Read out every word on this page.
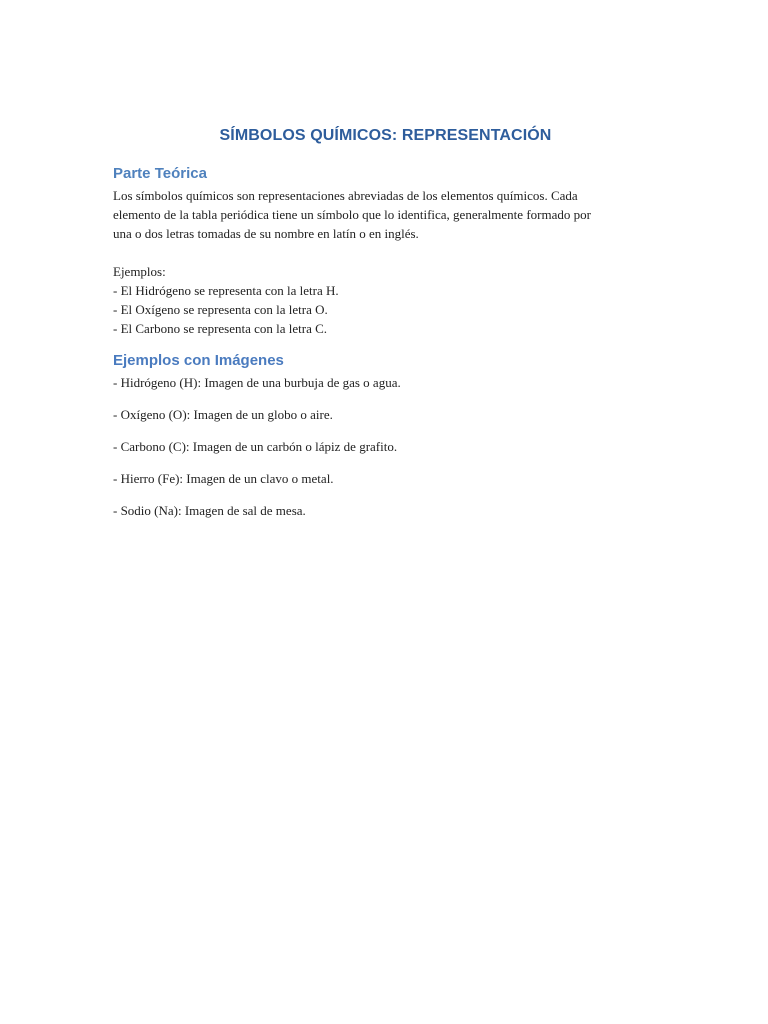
SÍMBOLOS QUÍMICOS: REPRESENTACIÓN
Parte Teórica

Los símbolos químicos son representaciones abreviadas de los elementos químicos. Cada

elemento de la tabla periódica tiene un símbolo que lo identifica, generalmente formado por

una o dos letras tomadas de su nombre en latín o en inglés.

Ejemplos:

- El Hidrógeno se representa con la letra H.

- El Oxígeno se representa con la letra O.

- El Carbono se representa con la letra C.

Ejemplos con Imágenes

- Hidrógeno (H): Imagen de una burbuja de gas o agua.

- Oxígeno (O): Imagen de un globo o aire.

- Carbono (C): Imagen de un carbón o lápiz de grafito.

- Hierro (Fe): Imagen de un clavo o metal.

- Sodio (Na): Imagen de sal de mesa.
